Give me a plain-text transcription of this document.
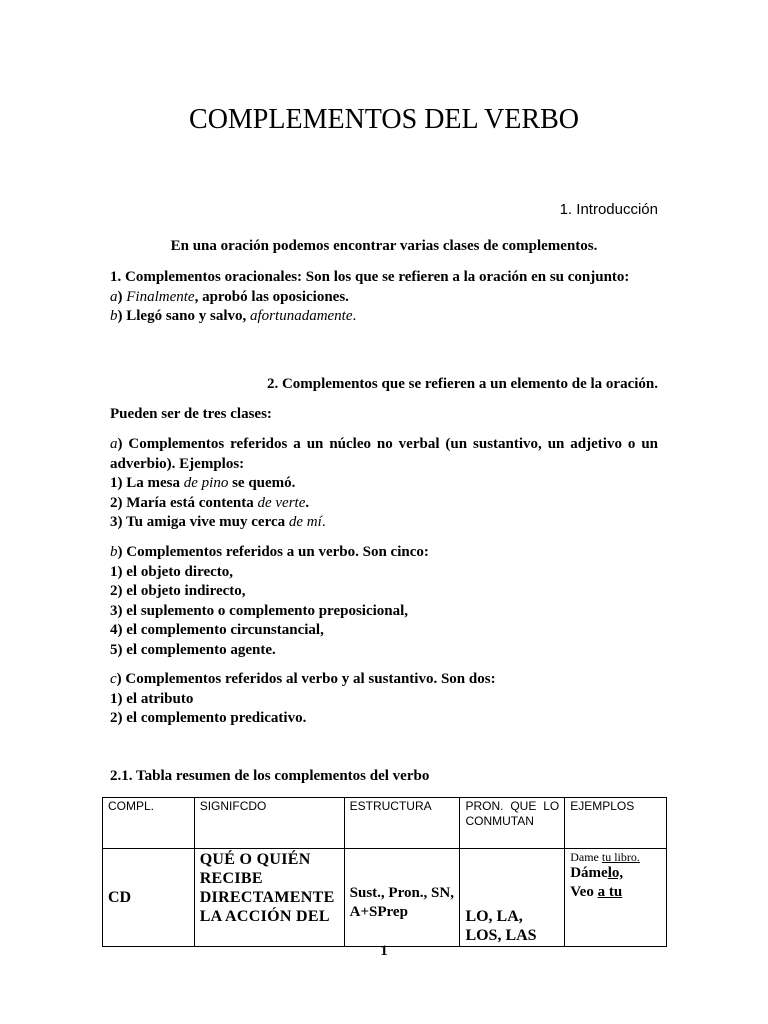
COMPLEMENTOS DEL VERBO
1. Introducción
En una oración podemos encontrar varias clases de complementos.
1. Complementos oracionales: Son los que se refieren a la oración en su conjunto:
a) Finalmente, aprobó las oposiciones.
b) Llegó sano y salvo, afortunadamente.
2. Complementos que se refieren a un elemento de la oración.
Pueden ser de tres clases:
a) Complementos referidos a un núcleo no verbal (un sustantivo, un adjetivo o un adverbio). Ejemplos:
1) La mesa de pino se quemó.
2) María está contenta de verte.
3) Tu amiga vive muy cerca de mí.
b) Complementos referidos a un verbo. Son cinco:
1) el objeto directo,
2) el objeto indirecto,
3) el suplemento o complemento preposicional,
4) el complemento circunstancial,
5) el complemento agente.
c) Complementos referidos al verbo y al sustantivo. Son dos:
1) el atributo
2) el complemento predicativo.
2.1. Tabla resumen de los complementos del verbo
COMPL.	SIGNIFCDO	ESTRUCTURA	PRON. QUE LO CONMUTAN	EJEMPLOS
CD	QUÉ O QUIÉN RECIBE DIRECTAMENTE LA ACCIÓN DEL	Sust., Pron., SN, A+SPrep	LO, LA, LOS, LAS	Dame tu libro.
Dámelo,
Veo a tu
1
